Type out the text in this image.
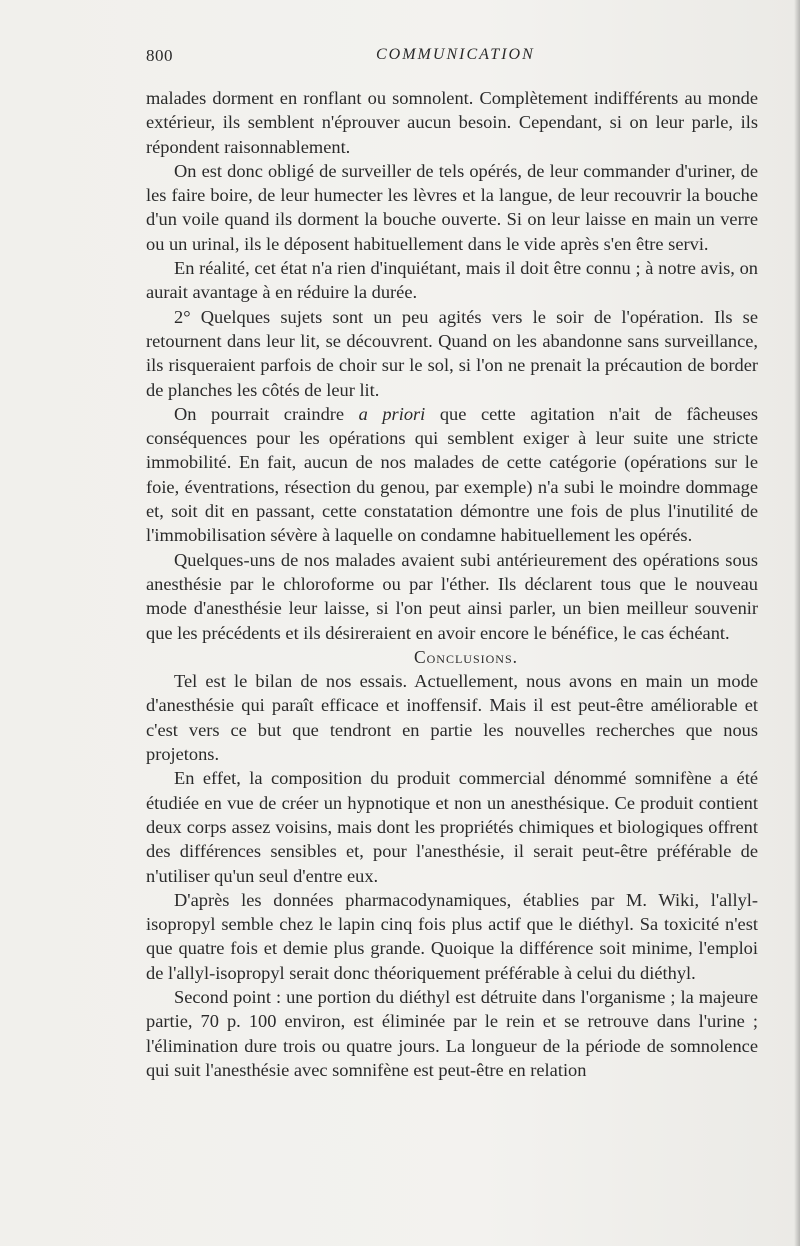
800	COMMUNICATION

malades dorment en ronflant ou somnolent. Complètement indifférents au monde extérieur, ils semblent n'éprouver aucun besoin. Cependant, si on leur parle, ils répondent raisonnablement.

On est donc obligé de surveiller de tels opérés, de leur commander d'uriner, de les faire boire, de leur humecter les lèvres et la langue, de leur recouvrir la bouche d'un voile quand ils dorment la bouche ouverte. Si on leur laisse en main un verre ou un urinal, ils le déposent habituellement dans le vide après s'en être servi.

En réalité, cet état n'a rien d'inquiétant, mais il doit être connu ; à notre avis, on aurait avantage à en réduire la durée.

2° Quelques sujets sont un peu agités vers le soir de l'opération. Ils se retournent dans leur lit, se découvrent. Quand on les abandonne sans surveillance, ils risqueraient parfois de choir sur le sol, si l'on ne prenait la précaution de border de planches les côtés de leur lit.

On pourrait craindre a priori que cette agitation n'ait de fâcheuses conséquences pour les opérations qui semblent exiger à leur suite une stricte immobilité. En fait, aucun de nos malades de cette catégorie (opérations sur le foie, éventrations, résection du genou, par exemple) n'a subi le moindre dommage et, soit dit en passant, cette constatation démontre une fois de plus l'inutilité de l'immobilisation sévère à laquelle on condamne habituellement les opérés.

Quelques-uns de nos malades avaient subi antérieurement des opérations sous anesthésie par le chloroforme ou par l'éther. Ils déclarent tous que le nouveau mode d'anesthésie leur laisse, si l'on peut ainsi parler, un bien meilleur souvenir que les précédents et ils désireraient en avoir encore le bénéfice, le cas échéant.

Conclusions.

Tel est le bilan de nos essais. Actuellement, nous avons en main un mode d'anesthésie qui paraît efficace et inoffensif. Mais il est peut-être améliorable et c'est vers ce but que tendront en partie les nouvelles recherches que nous projetons.

En effet, la composition du produit commercial dénommé somnifène a été étudiée en vue de créer un hypnotique et non un anesthésique. Ce produit contient deux corps assez voisins, mais dont les propriétés chimiques et biologiques offrent des différences sensibles et, pour l'anesthésie, il serait peut-être préférable de n'utiliser qu'un seul d'entre eux.

D'après les données pharmacodynamiques, établies par M. Wiki, l'allyl-isopropyl semble chez le lapin cinq fois plus actif que le diéthyl. Sa toxicité n'est que quatre fois et demie plus grande. Quoique la différence soit minime, l'emploi de l'allyl-isopropyl serait donc théoriquement préférable à celui du diéthyl.

Second point : une portion du diéthyl est détruite dans l'organisme ; la majeure partie, 70 p. 100 environ, est éliminée par le rein et se retrouve dans l'urine ; l'élimination dure trois ou quatre jours. La longueur de la période de somnolence qui suit l'anesthésie avec somnifène est peut-être en relation
